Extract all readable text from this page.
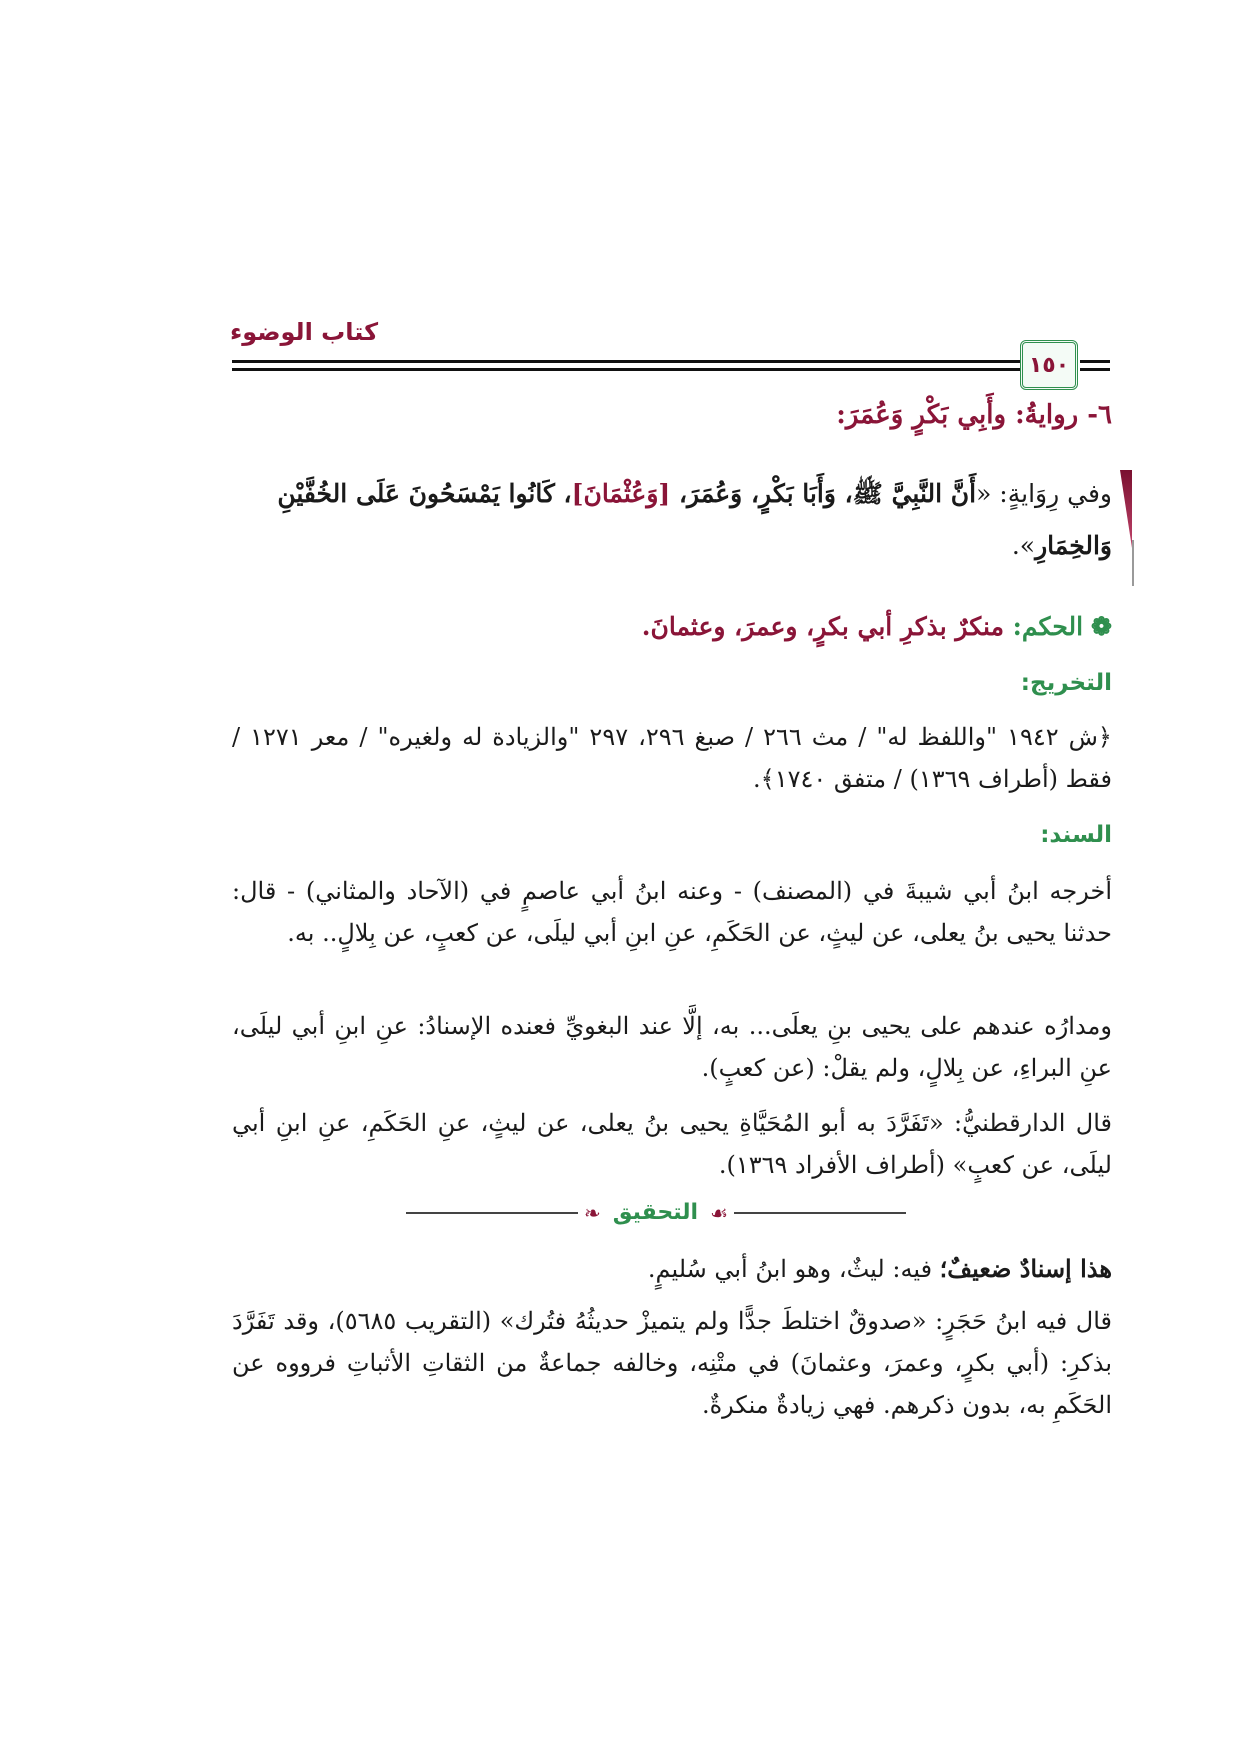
كتاب الوضوء
١٥٠
٦- روايةُ: وأَبِي بَكْرٍ وَعُمَرَ:
وفي رِوَايةٍ: «أَنَّ النَّبِيَّ ﷺ، وَأَبَا بَكْرٍ، وَعُمَرَ، [وَعُثْمَانَ]، كَانُوا يَمْسَحُونَ عَلَى الخُفَّيْنِ وَالخِمَارِ».
❁الحكم: منكرٌ بذكرِ أبي بكرٍ، وعمرَ، وعثمانَ.
التخريج:
﴿ش ١٩٤٢ "واللفظ له" / مث ٢٦٦ / صبغ ٢٩٦، ٢٩٧ "والزيادة له ولغيره" / معر ١٢٧١ / فقط (أطراف ١٣٦٩) / متفق ١٧٤٠﴾.
السند:
أخرجه ابنُ أبي شيبةَ في (المصنف) - وعنه ابنُ أبي عاصمٍ في (الآحاد والمثاني) - قال: حدثنا يحيى بنُ يعلى، عن ليثٍ، عن الحَكَمِ، عنِ ابنِ أبي ليلَى، عن كعبٍ، عن بِلالٍ.. به.
ومدارُه عندهم على يحيى بنِ يعلَى... به، إلَّا عند البغويِّ فعنده الإسنادُ: عنِ ابنِ أبي ليلَى، عنِ البراءِ، عن بِلالٍ، ولم يقلْ: (عن كعبٍ).
قال الدارقطنيُّ: «تَفَرَّدَ به أبو المُحَيَّاةِ يحيى بنُ يعلى، عن ليثٍ، عنِ الحَكَمِ، عنِ ابنِ أبي ليلَى، عن كعبٍ» (أطراف الأفراد ١٣٦٩).
❧ التحقيق ☙
هذا إسنادٌ ضعيفٌ؛ فيه: ليثٌ، وهو ابنُ أبي سُليمٍ.
قال فيه ابنُ حَجَرٍ: «صدوقٌ اختلطَ جدًّا ولم يتميزْ حديثُهُ فتُرك» (التقريب ٥٦٨٥)، وقد تَفَرَّدَ بذكرِ: (أبي بكرٍ، وعمرَ، وعثمانَ) في متْنِه، وخالفه جماعةٌ من الثقاتِ الأثباتِ فرووه عن الحَكَمِ به، بدون ذكرهم. فهي زيادةٌ منكرةٌ.
